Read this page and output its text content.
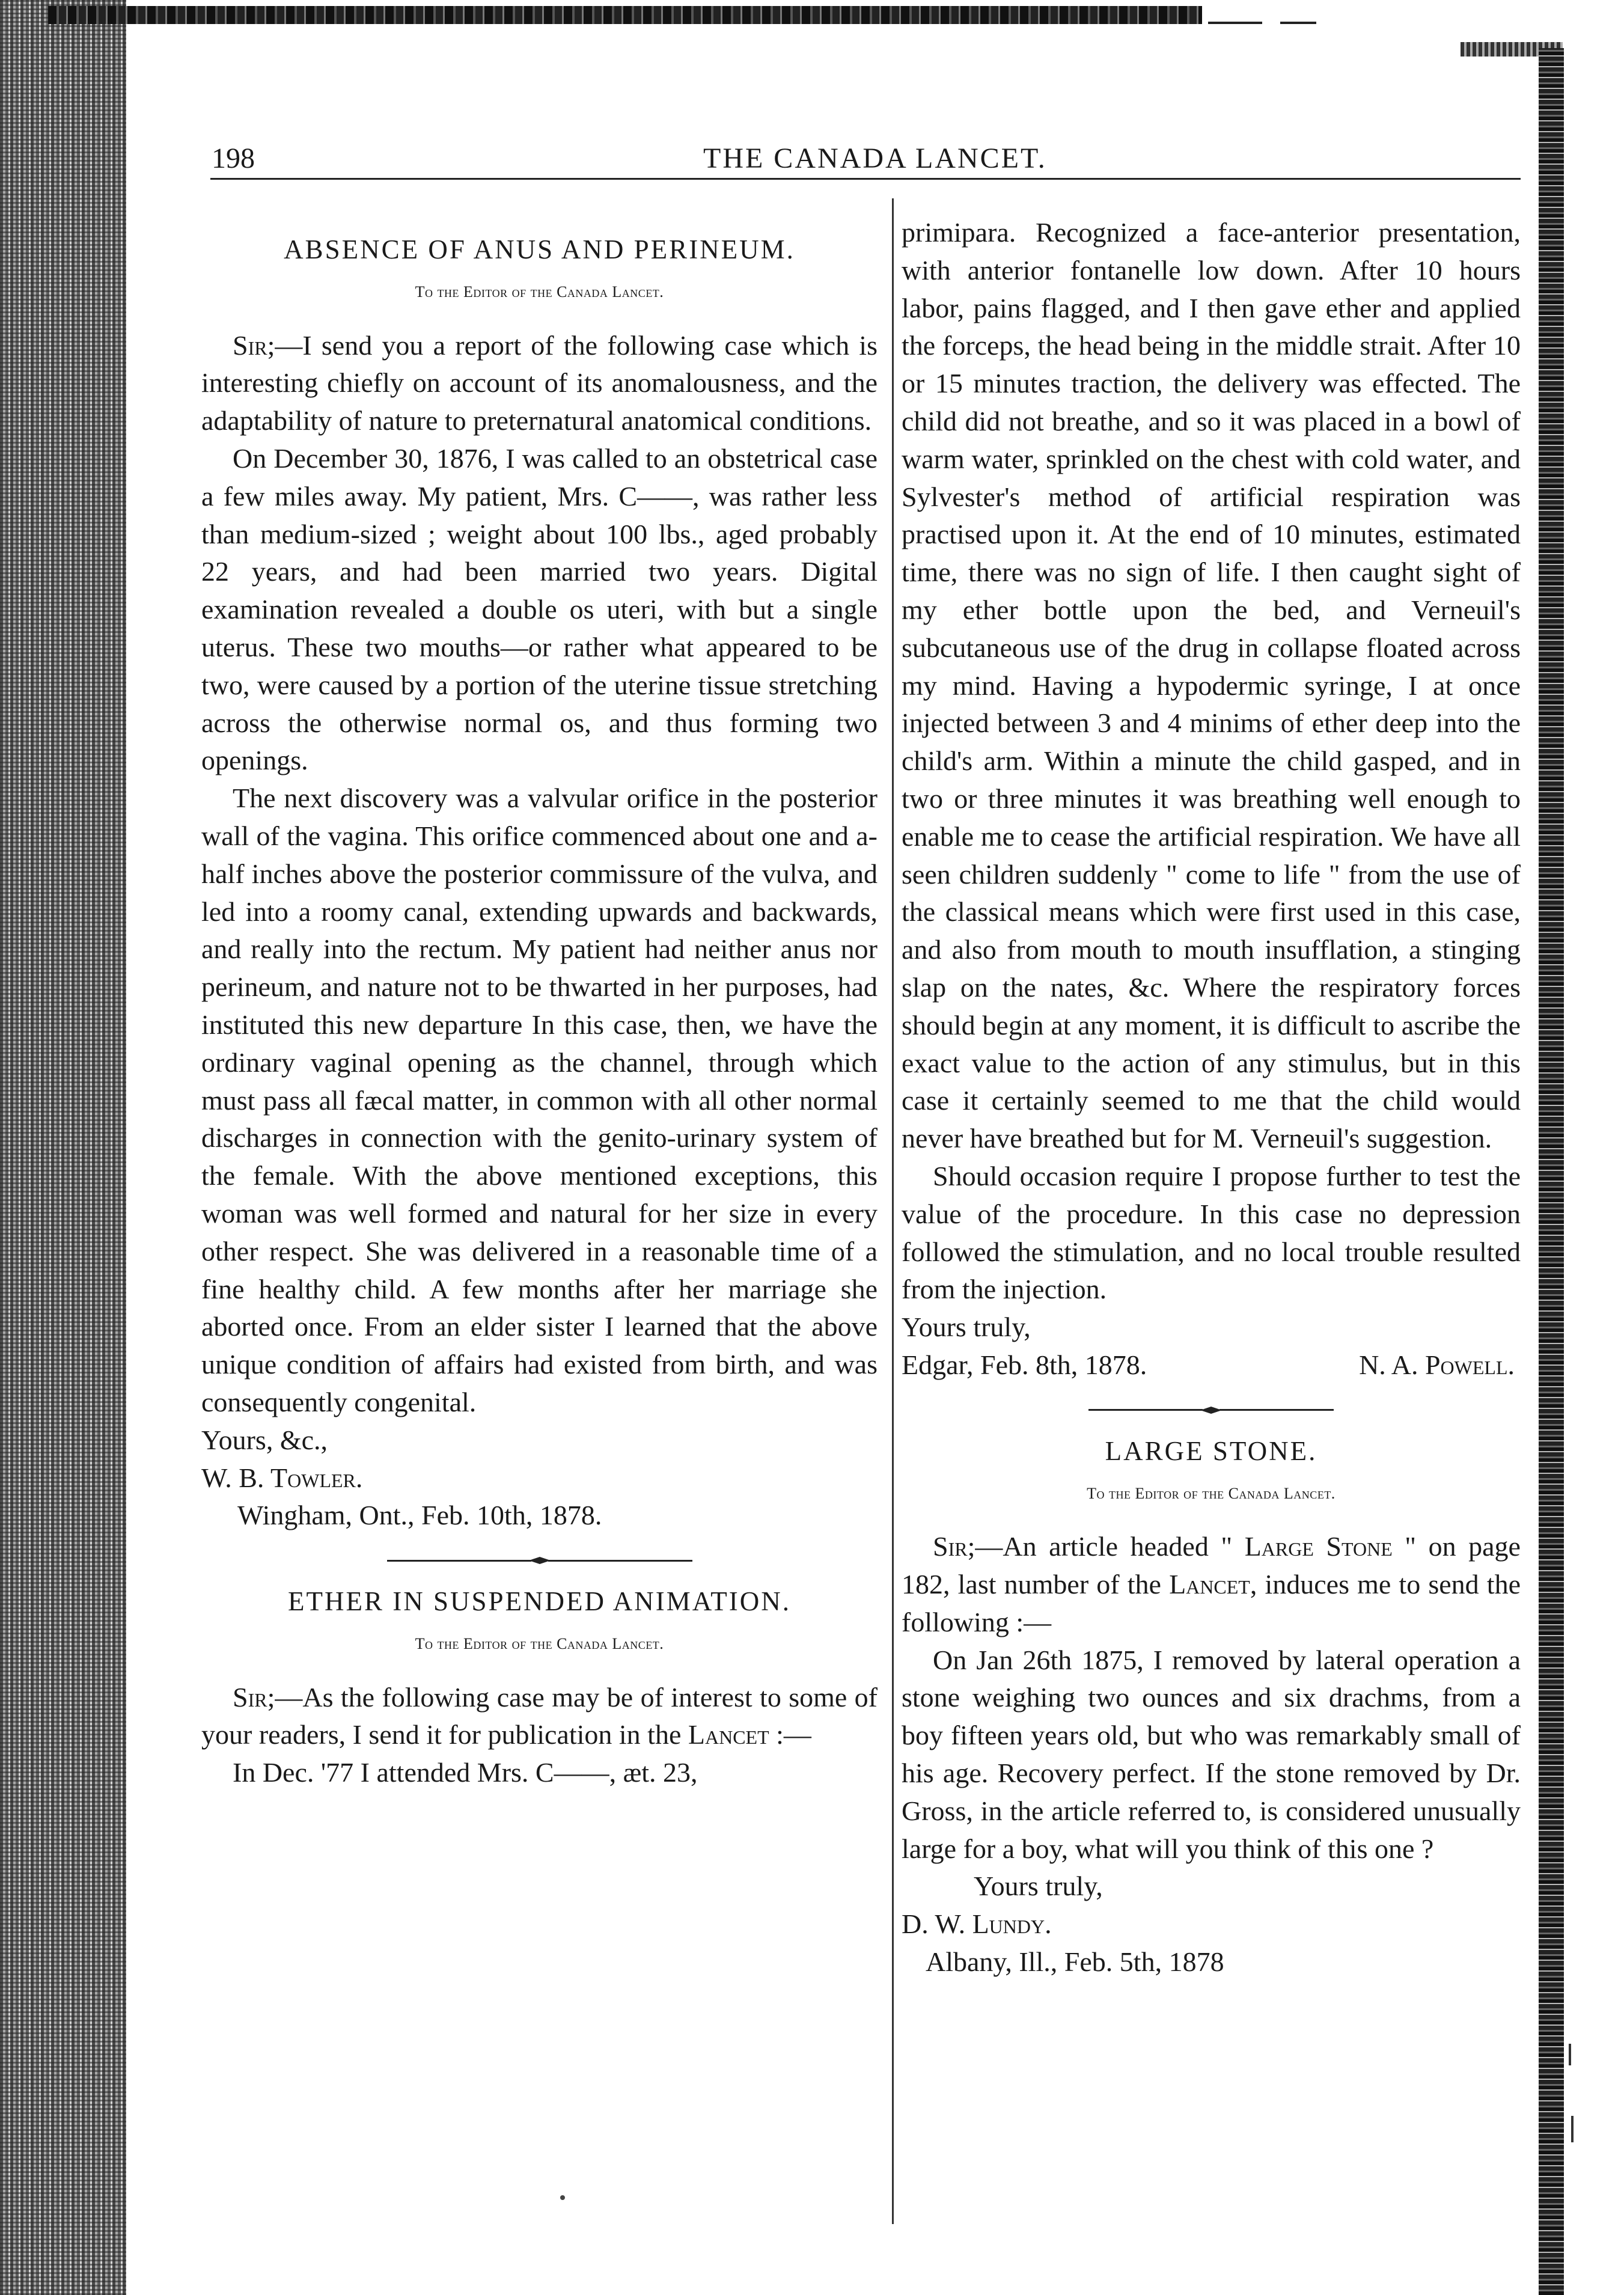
198	THE CANADA LANCET.
ABSENCE OF ANUS AND PERINEUM.
To the Editor of the Canada Lancet.

Sir;—I send you a report of the following case which is interesting chiefly on account of its anomalousness, and the adaptability of nature to preternatural anatomical conditions.

On December 30, 1876, I was called to an obstetrical case a few miles away. My patient, Mrs. C——, was rather less than medium-sized ; weight about 100 lbs., aged probably 22 years, and had been married two years. Digital examination revealed a double os uteri, with but a single uterus. These two mouths—or rather what appeared to be two, were caused by a portion of the uterine tissue stretching across the otherwise normal os, and thus forming two openings.

The next discovery was a valvular orifice in the posterior wall of the vagina. This orifice commenced about one and a-half inches above the posterior commissure of the vulva, and led into a roomy canal, extending upwards and backwards, and really into the rectum. My patient had neither anus nor perineum, and nature not to be thwarted in her purposes, had instituted this new departure In this case, then, we have the ordinary vaginal opening as the channel, through which must pass all fæcal matter, in common with all other normal discharges in connection with the genito-urinary system of the female. With the above mentioned exceptions, this woman was well formed and natural for her size in every other respect. She was delivered in a reasonable time of a fine healthy child. A few months after her marriage she aborted once. From an elder sister I learned that the above unique condition of affairs had existed from birth, and was consequently congenital.

Yours, &c.,

W. B. Towler.

Wingham, Ont., Feb. 10th, 1878.

ETHER IN SUSPENDED ANIMATION.
To the Editor of the Canada Lancet.

Sir;—As the following case may be of interest to some of your readers, I send it for publication in the Lancet :—

In Dec. '77 I attended Mrs. C——, æt. 23,

primipara. Recognized a face-anterior presentation, with anterior fontanelle low down. After 10 hours labor, pains flagged, and I then gave ether and applied the forceps, the head being in the middle strait. After 10 or 15 minutes traction, the delivery was effected. The child did not breathe, and so it was placed in a bowl of warm water, sprinkled on the chest with cold water, and Sylvester's method of artificial respiration was practised upon it. At the end of 10 minutes, estimated time, there was no sign of life. I then caught sight of my ether bottle upon the bed, and Verneuil's subcutaneous use of the drug in collapse floated across my mind. Having a hypodermic syringe, I at once injected between 3 and 4 minims of ether deep into the child's arm. Within a minute the child gasped, and in two or three minutes it was breathing well enough to enable me to cease the artificial respiration. We have all seen children suddenly " come to life " from the use of the classical means which were first used in this case, and also from mouth to mouth insufflation, a stinging slap on the nates, &c. Where the respiratory forces should begin at any moment, it is difficult to ascribe the exact value to the action of any stimulus, but in this case it certainly seemed to me that the child would never have breathed but for M. Verneuil's suggestion.

Should occasion require I propose further to test the value of the procedure. In this case no depression followed the stimulation, and no local trouble resulted from the injection.

Yours truly,

Edgar, Feb. 8th, 1878.	N. A. Powell.
LARGE STONE.
To the Editor of the Canada Lancet.

Sir;—An article headed " Large Stone " on page 182, last number of the Lancet, induces me to send the following :—

On Jan 26th 1875, I removed by lateral operation a stone weighing two ounces and six drachms, from a boy fifteen years old, but who was remarkably small of his age. Recovery perfect. If the stone removed by Dr. Gross, in the article referred to, is considered unusually large for a boy, what will you think of this one ?

Yours truly,

D. W. Lundy.

Albany, Ill., Feb. 5th, 1878
